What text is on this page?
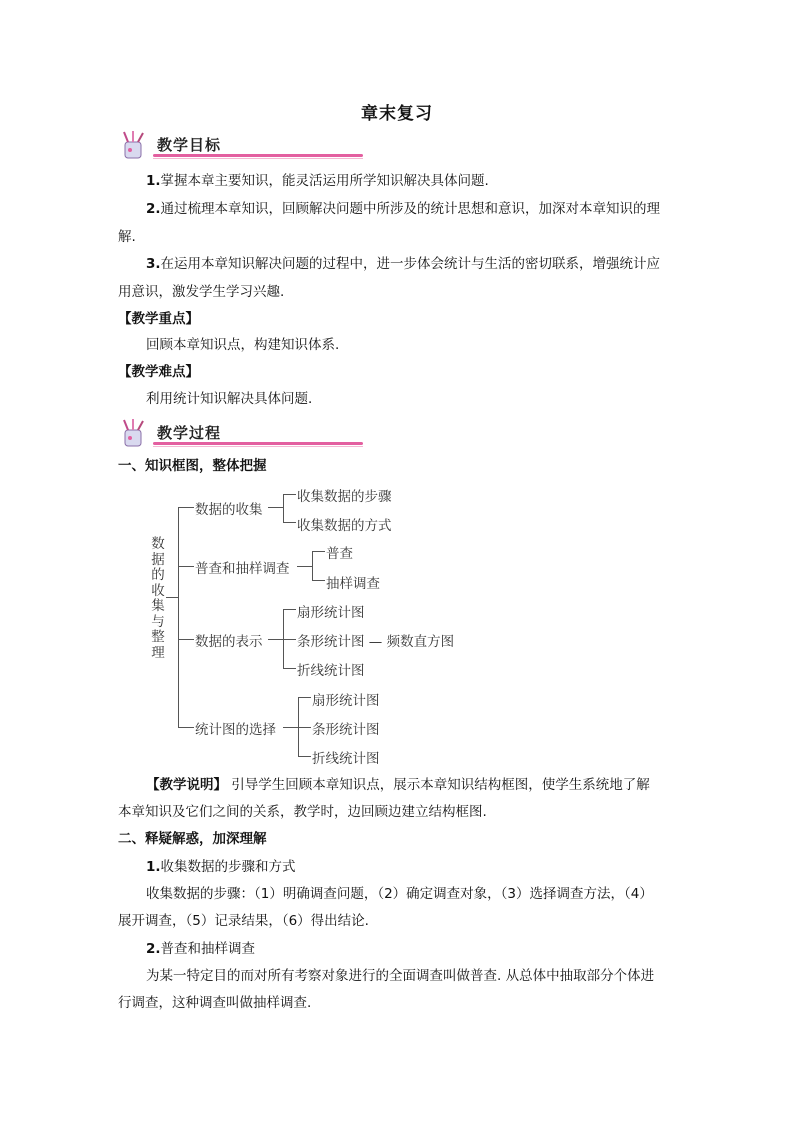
章末复习
教学目标
1.掌握本章主要知识，能灵活运用所学知识解决具体问题.
2.通过梳理本章知识，回顾解决问题中所涉及的统计思想和意识，加深对本章知识的理
解.
3.在运用本章知识解决问题的过程中，进一步体会统计与生活的密切联系，增强统计应
用意识，激发学生学习兴趣.
【教学重点】
回顾本章知识点，构建知识体系.
【教学难点】
利用统计知识解决具体问题.
教学过程
一、知识框图，整体把握
数
据
的
收
集
与
整
理
数据的收集
收集数据的步骤
收集数据的方式
普查和抽样调查
普查
抽样调查
数据的表示
扇形统计图
条形统计图 — 频数直方图
折线统计图
统计图的选择
扇形统计图
条形统计图
折线统计图
【教学说明】 引导学生回顾本章知识点，展示本章知识结构框图，使学生系统地了解
本章知识及它们之间的关系，教学时，边回顾边建立结构框图.
二、释疑解惑，加深理解
1.收集数据的步骤和方式
收集数据的步骤：（1）明确调查问题，（2）确定调查对象，（3）选择调查方法，（4）
展开调查，（5）记录结果，（6）得出结论.
2.普查和抽样调查
为某一特定目的而对所有考察对象进行的全面调查叫做普查. 从总体中抽取部分个体进
行调查，这种调查叫做抽样调查.
